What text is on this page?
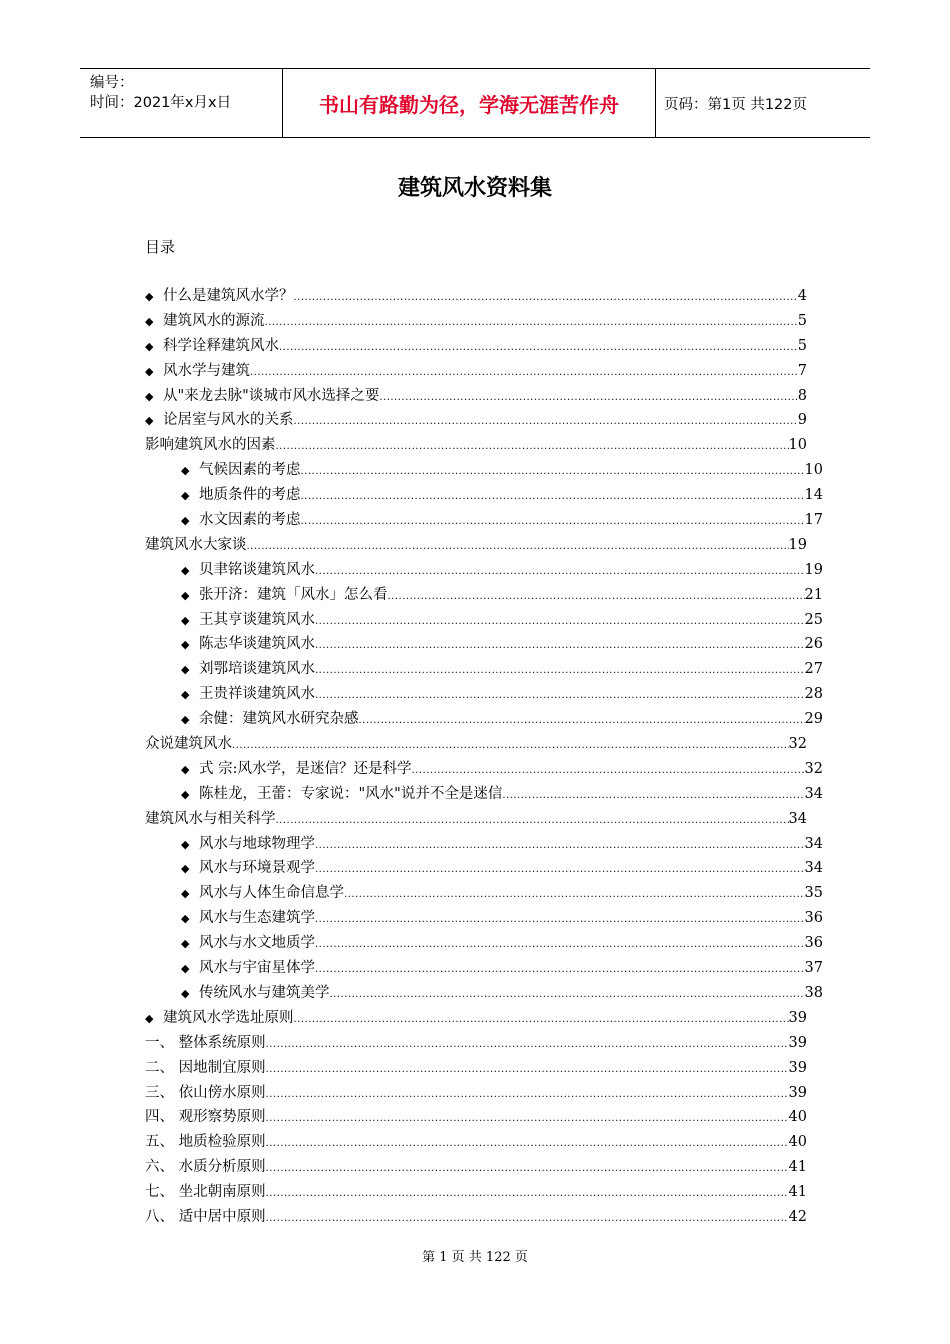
编号：
时间：2021年x月x日	书山有路勤为径，学海无涯苦作舟	页码：第1页 共122页
建筑风水资料集
目录
◆ 什么是建筑风水学？ .....	4
◆ 建筑风水的源流 .....	5
◆ 科学诠释建筑风水 .....	5
◆ 风水学与建筑 .....	7
◆ 从"来龙去脉"谈城市风水选择之要 .....	8
◆ 论居室与风水的关系 .....	9
影响建筑风水的因素 .....	10
◆ 气候因素的考虑 .....	10
◆ 地质条件的考虑 .....	14
◆ 水文因素的考虑 .....	17
建筑风水大家谈 .....	19
◆ 贝聿铭谈建筑风水 .....	19
◆ 张开济：建筑「风水」怎么看 .....	21
◆ 王其亨谈建筑风水 .....	25
◆ 陈志华谈建筑风水 .....	26
◆ 刘鄂培谈建筑风水 .....	27
◆ 王贵祥谈建筑风水 .....	28
◆ 余健：建筑风水研究杂感 .....	29
众说建筑风水 .....	32
◆ 式 宗:风水学，是迷信？还是科学 .....	32
◆ 陈桂龙，王蕾：专家说："风水"说并不全是迷信 .....	34
建筑风水与相关科学 .....	34
◆ 风水与地球物理学 .....	34
◆ 风水与环境景观学 .....	34
◆ 风水与人体生命信息学 .....	35
◆ 风水与生态建筑学 .....	36
◆ 风水与水文地质学 .....	36
◆ 风水与宇宙星体学 .....	37
◆ 传统风水与建筑美学 .....	38
◆ 建筑风水学选址原则 .....	39
一、 整体系统原则 .....	39
二、 因地制宜原则 .....	39
三、 依山傍水原则 .....	39
四、 观形察势原则 .....	40
五、 地质检验原则 .....	40
六、 水质分析原则 .....	41
七、 坐北朝南原则 .....	41
八、 适中居中原则 .....	42
第 1 页 共 122 页
